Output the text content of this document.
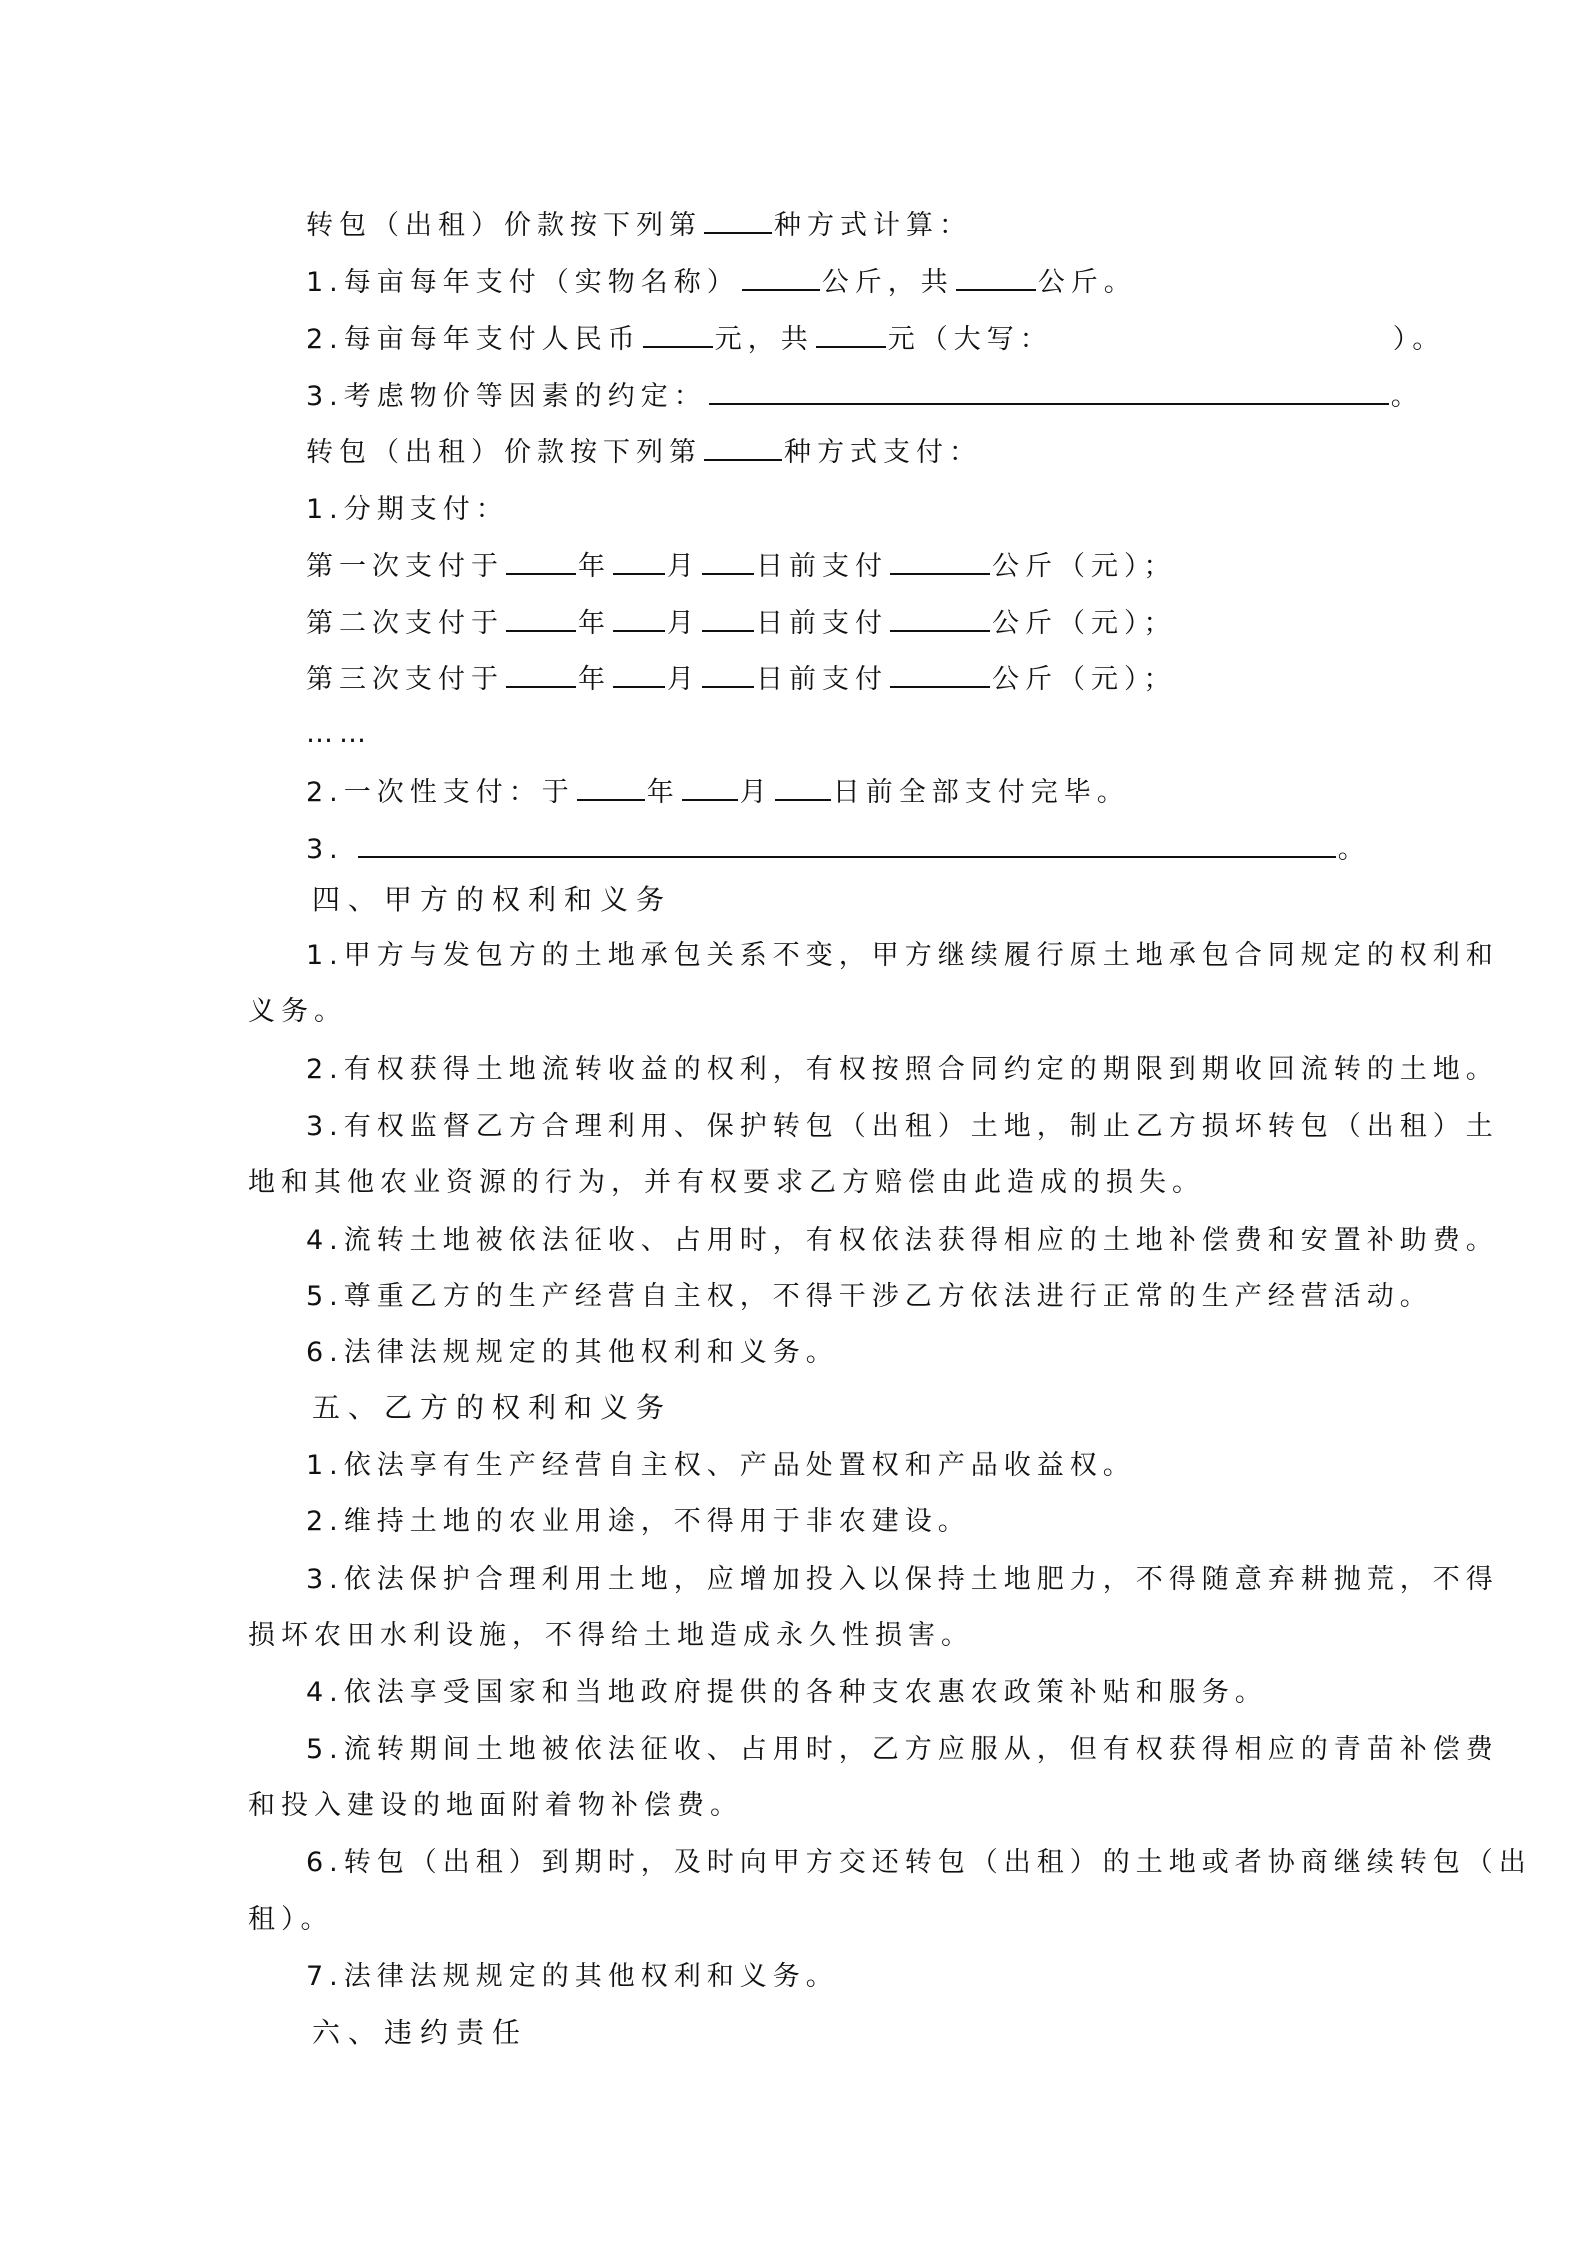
转包（出租）价款按下列第	种方式计算：
1.每亩每年支付（实物名称）	公斤，共	公斤。
2.每亩每年支付人民币	元，共	元（大写：	）。
3.考虑物价等因素的约定：	。
转包（出租）价款按下列第	种方式支付：
1.分期支付：
第一次支付于	年 月 日前支付	公斤（元）；
第二次支付于	年 月 日前支付	公斤（元）；
第三次支付于	年 月 日前支付	公斤（元）；
……
2.一次性支付：于	年 月 日前全部支付完毕。
3.	。
四、甲方的权利和义务
1.甲方与发包方的土地承包关系不变，甲方继续履行原土地承包合同规定的权利和
义务。
2.有权获得土地流转收益的权利，有权按照合同约定的期限到期收回流转的土地。
3.有权监督乙方合理利用、保护转包（出租）土地，制止乙方损坏转包（出租）土
地和其他农业资源的行为，并有权要求乙方赔偿由此造成的损失。
4.流转土地被依法征收、占用时，有权依法获得相应的土地补偿费和安置补助费。
5.尊重乙方的生产经营自主权，不得干涉乙方依法进行正常的生产经营活动。
6.法律法规规定的其他权利和义务。
五、乙方的权利和义务
1.依法享有生产经营自主权、产品处置权和产品收益权。
2.维持土地的农业用途，不得用于非农建设。
3.依法保护合理利用土地，应增加投入以保持土地肥力，不得随意弃耕抛荒，不得
损坏农田水利设施，不得给土地造成永久性损害。
4.依法享受国家和当地政府提供的各种支农惠农政策补贴和服务。
5.流转期间土地被依法征收、占用时，乙方应服从，但有权获得相应的青苗补偿费
和投入建设的地面附着物补偿费。
6.转包（出租）到期时，及时向甲方交还转包（出租）的土地或者协商继续转包（出
租）。
7.法律法规规定的其他权利和义务。
六、违约责任
